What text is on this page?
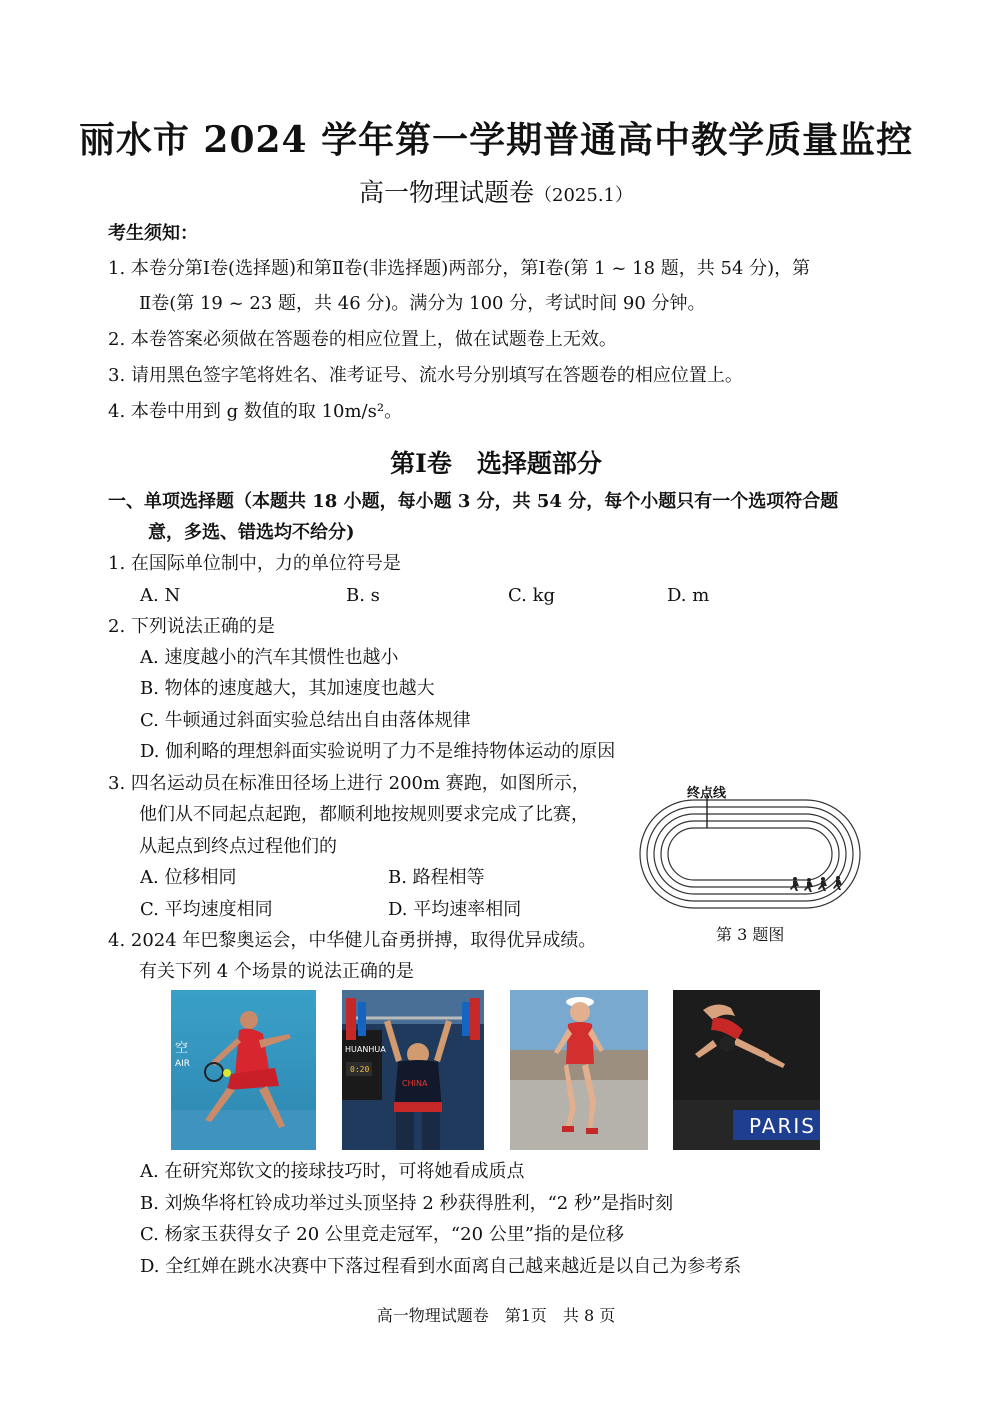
丽水市 2024 学年第一学期普通高中教学质量监控
高一物理试题卷（2025.1）
考生须知：
1. 本卷分第Ⅰ卷(选择题)和第Ⅱ卷(非选择题)两部分，第Ⅰ卷(第 1 ~ 18 题，共 54 分)，第
Ⅱ卷(第 19 ~ 23 题，共 46 分)。满分为 100 分，考试时间 90 分钟。
2. 本卷答案必须做在答题卷的相应位置上，做在试题卷上无效。
3. 请用黑色签字笔将姓名、准考证号、流水号分别填写在答题卷的相应位置上。
4. 本卷中用到 g 数值的取 10m/s²。
第Ⅰ卷　选择题部分
一、单项选择题（本题共 18 小题，每小题 3 分，共 54 分，每个小题只有一个选项符合题
意，多选、错选均不给分)
1. 在国际单位制中，力的单位符号是
A. N	B. s	C. kg	D. m
2. 下列说法正确的是
A. 速度越小的汽车其惯性也越小
B. 物体的速度越大，其加速度也越大
C. 牛顿通过斜面实验总结出自由落体规律
D. 伽利略的理想斜面实验说明了力不是维持物体运动的原因
3. 四名运动员在标准田径场上进行 200m 赛跑，如图所示，
他们从不同起点起跑，都顺利地按规则要求完成了比赛，
从起点到终点过程他们的
A. 位移相同	B. 路程相等
C. 平均速度相同	D. 平均速率相同
终点线
第 3 题图
4. 2024 年巴黎奥运会，中华健儿奋勇拼搏，取得优异成绩。
有关下列 4 个场景的说法正确的是
空
AIR
HUANHUA
0:20
CHINA
PARIS
A. 在研究郑钦文的接球技巧时，可将她看成质点
B. 刘焕华将杠铃成功举过头顶坚持 2 秒获得胜利，“2 秒”是指时刻
C. 杨家玉获得女子 20 公里竞走冠军，“20 公里”指的是位移
D. 全红婵在跳水决赛中下落过程看到水面离自己越来越近是以自己为参考系
高一物理试题卷　第1页　共 8 页
